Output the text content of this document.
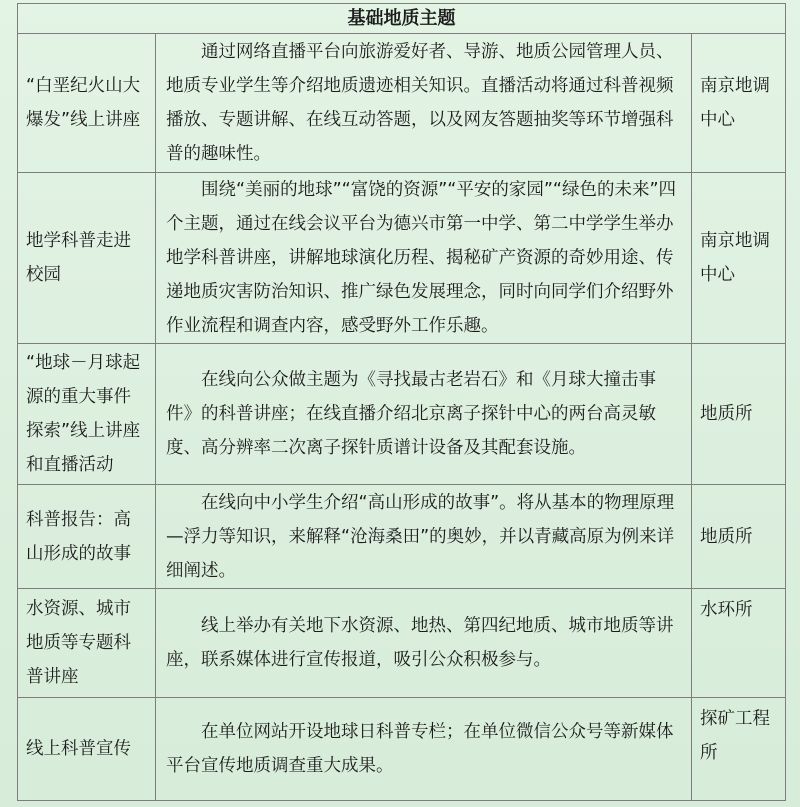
基础地质主题		
“白垩纪火山大爆发”线上讲座	通过网络直播平台向旅游爱好者、导游、地质公园管理人员、地质专业学生等介绍地质遗迹相关知识。直播活动将通过科普视频播放、专题讲解、在线互动答题，以及网友答题抽奖等环节增强科普的趣味性。	南京地调中心
地学科普走进校园	围绕“美丽的地球”“富饶的资源”“平安的家园”“绿色的未来”四个主题，通过在线会议平台为德兴市第一中学、第二中学学生举办地学科普讲座，讲解地球演化历程、揭秘矿产资源的奇妙用途、传递地质灾害防治知识、推广绿色发展理念，同时向同学们介绍野外作业流程和调查内容，感受野外工作乐趣。	南京地调中心
“地球－月球起源的重大事件探索”线上讲座和直播活动	在线向公众做主题为《寻找最古老岩石》和《月球大撞击事件》的科普讲座；在线直播介绍北京离子探针中心的两台高灵敏度、高分辨率二次离子探针质谱计设备及其配套设施。	地质所
科普报告：高山形成的故事	在线向中小学生介绍“高山形成的故事”。将从基本的物理原理—浮力等知识，来解释“沧海桑田”的奥妙，并以青藏高原为例来详细阐述。	地质所
水资源、城市地质等专题科普讲座	线上举办有关地下水资源、地热、第四纪地质、城市地质等讲座，联系媒体进行宣传报道，吸引公众积极参与。	水环所
线上科普宣传	在单位网站开设地球日科普专栏；在单位微信公众号等新媒体平台宣传地质调查重大成果。	探矿工程所
